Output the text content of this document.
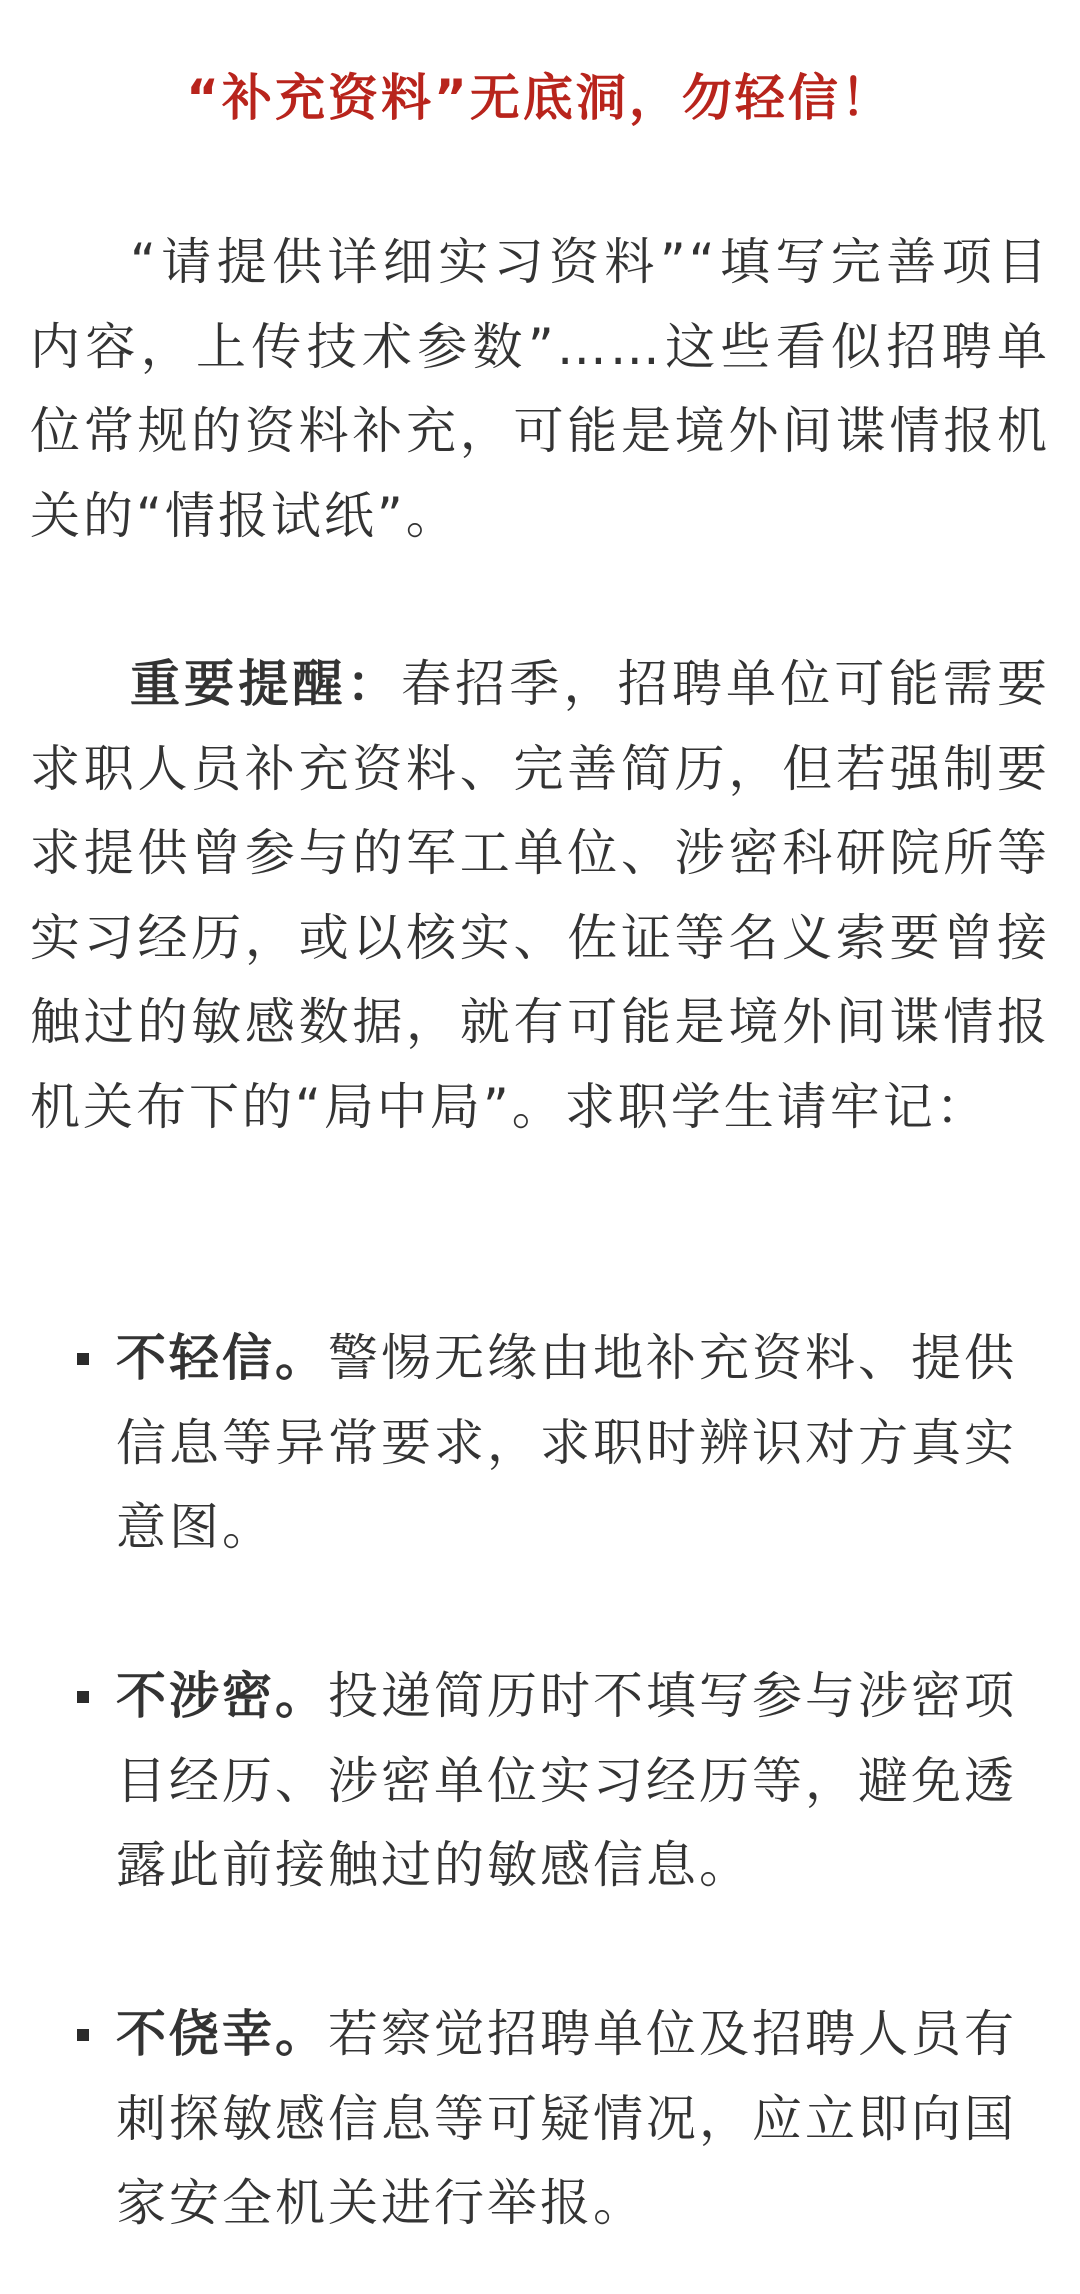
“补充资料”无底洞，勿轻信！
“请提供详细实习资料”“填写完善项目内容，上传技术参数”……这些看似招聘单位常规的资料补充，可能是境外间谍情报机关的“情报试纸”。
重要提醒：春招季，招聘单位可能需要求职人员补充资料、完善简历，但若强制要求提供曾参与的军工单位、涉密科研院所等实习经历，或以核实、佐证等名义索要曾接触过的敏感数据，就有可能是境外间谍情报机关布下的“局中局”。求职学生请牢记：
不轻信。警惕无缘由地补充资料、提供信息等异常要求，求职时辨识对方真实意图。
不涉密。投递简历时不填写参与涉密项目经历、涉密单位实习经历等，避免透露此前接触过的敏感信息。
不侥幸。若察觉招聘单位及招聘人员有刺探敏感信息等可疑情况，应立即向国家安全机关进行举报。
